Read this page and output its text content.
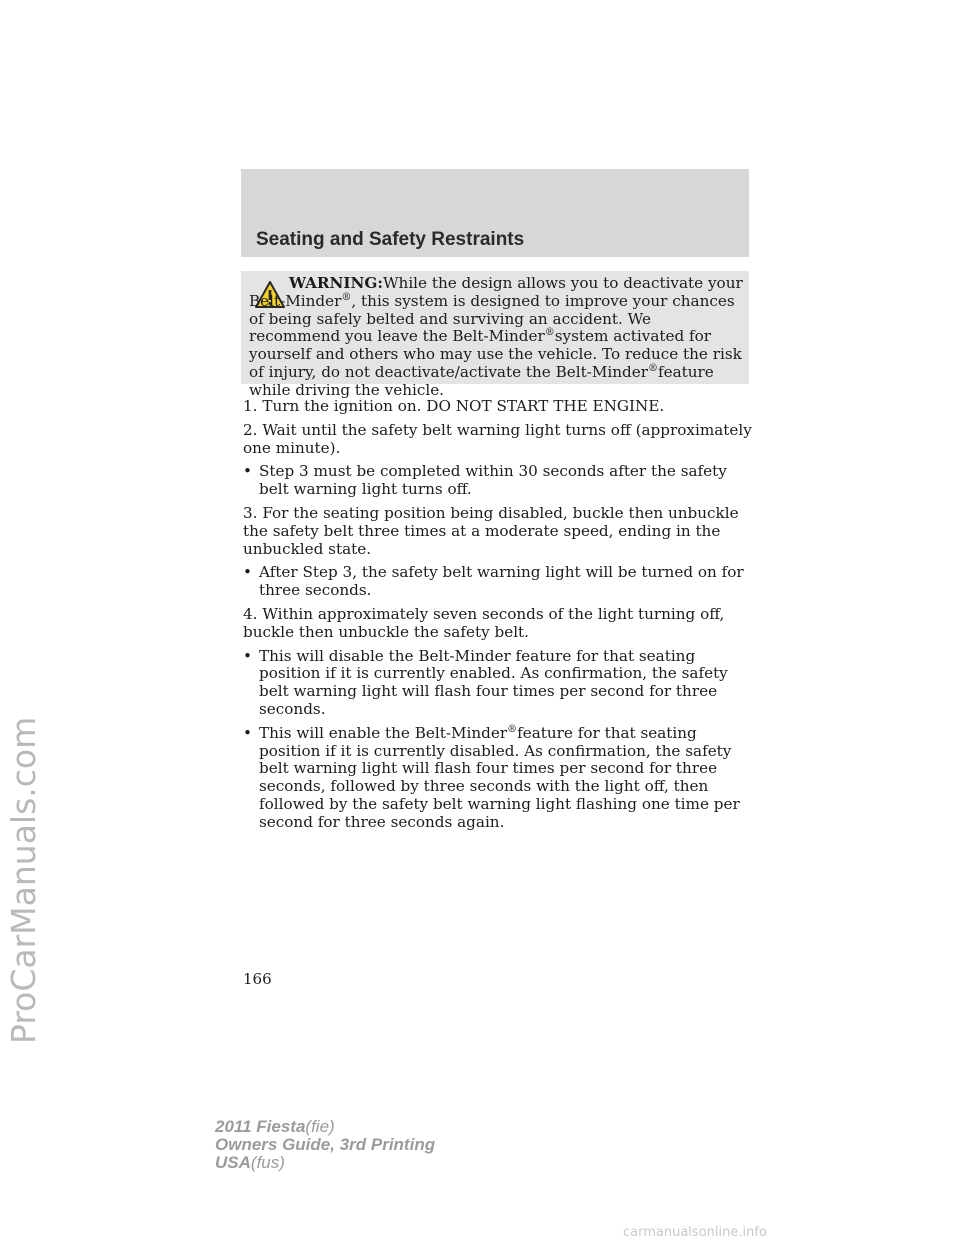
ProCarManuals.com
Seating and Safety Restraints

WARNING:While the design allows you to deactivate your Belt-Minder®, this system is designed to improve your chances of being safely belted and surviving an accident. We recommend you leave the Belt-Minder®system activated for yourself and others who may use the vehicle. To reduce the risk of injury, do not deactivate/activate the Belt-Minder®feature while driving the vehicle.

1. Turn the ignition on. DO NOT START THE ENGINE.

2. Wait until the safety belt warning light turns off (approximately one minute).

• Step 3 must be completed within 30 seconds after the safety belt warning light turns off.

3. For the seating position being disabled, buckle then unbuckle the safety belt three times at a moderate speed, ending in the unbuckled state.

• After Step 3, the safety belt warning light will be turned on for three seconds.

4. Within approximately seven seconds of the light turning off, buckle then unbuckle the safety belt.

• This will disable the Belt-Minder feature for that seating position if it is currently enabled. As confirmation, the safety belt warning light will flash four times per second for three seconds.
• This will enable the Belt-Minder®feature for that seating position if it is currently disabled. As confirmation, the safety belt warning light will flash four times per second for three seconds, followed by three seconds with the light off, then followed by the safety belt warning light flashing one time per second for three seconds again.
166
2011 Fiesta(fie)
Owners Guide, 3rd Printing
USA(fus)
carmanualsonline.info
